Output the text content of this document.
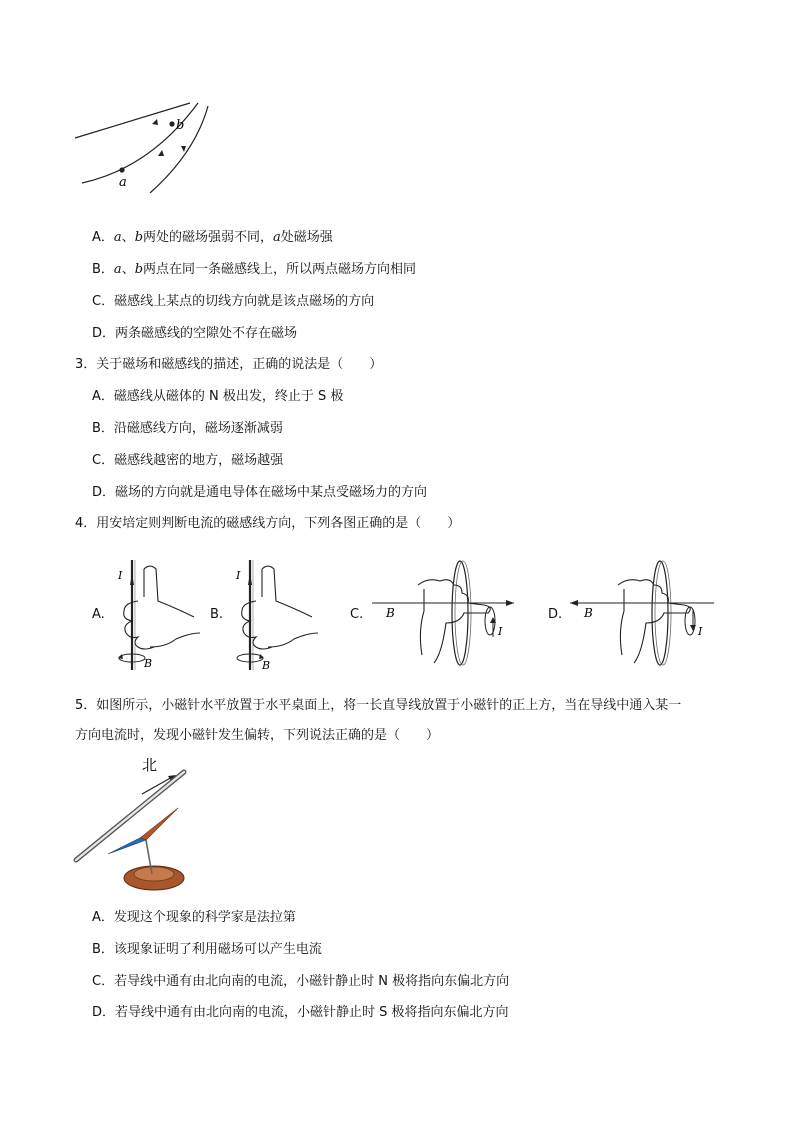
a
b
A．a、b两处的磁场强弱不同，a处磁场强
B．a、b两点在同一条磁感线上，所以两点磁场方向相同
C．磁感线上某点的切线方向就是该点磁场的方向
D．两条磁感线的空隙处不存在磁场
3．关于磁场和磁感线的描述，正确的说法是（　　）
A．磁感线从磁体的 N 极出发，终止于 S 极
B．沿磁感线方向，磁场逐渐减弱
C．磁感线越密的地方，磁场越强
D．磁场的方向就是通电导体在磁场中某点受磁场力的方向
4．用安培定则判断电流的磁感线方向，下列各图正确的是（　　）
A.
I
B
B.
I
B
C. B
I
D. B
I
5．如图所示，小磁针水平放置于水平桌面上，将一长直导线放置于小磁针的正上方，当在导线中通入某一
方向电流时，发现小磁针发生偏转，下列说法正确的是（　　）
北
A．发现这个现象的科学家是法拉第
B．该现象证明了利用磁场可以产生电流
C．若导线中通有由北向南的电流，小磁针静止时 N 极将指向东偏北方向
D．若导线中通有由北向南的电流，小磁针静止时 S 极将指向东偏北方向
